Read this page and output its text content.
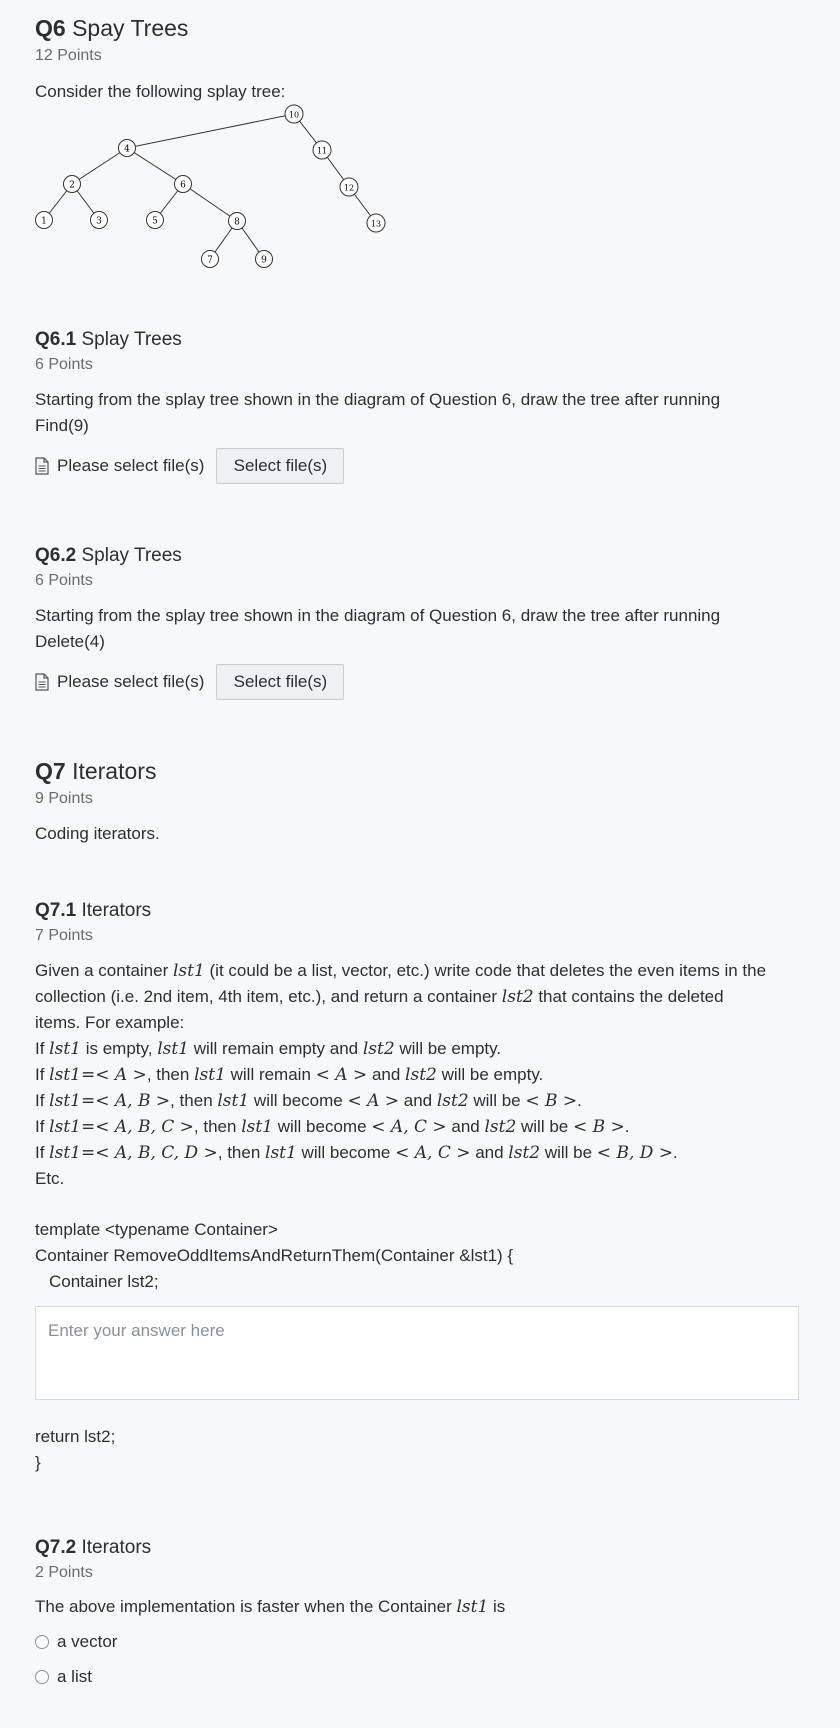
Q6 Spay Trees
12 Points
Consider the following splay tree:
1
2
3
4
5
6
7
8
9
10
11
12
13
Q6.1 Splay Trees
6 Points
Starting from the splay tree shown in the diagram of Question 6, draw the tree after running
Find(9)
Please select file(s)	Select file(s)
Q6.2 Splay Trees
6 Points
Starting from the splay tree shown in the diagram of Question 6, draw the tree after running
Delete(4)
Please select file(s)	Select file(s)
Q7 Iterators
9 Points
Coding iterators.
Q7.1 Iterators
7 Points
Given a container lst1 (it could be a list, vector, etc.) write code that deletes the even items in the
collection (i.e. 2nd item, 4th item, etc.), and return a container lst2 that contains the deleted
items. For example:
If lst1 is empty, lst1 will remain empty and lst2 will be empty.
If lst1=< A >, then lst1 will remain < A > and lst2 will be empty.
If lst1=< A, B >, then lst1 will become < A > and lst2 will be < B >.
If lst1=< A, B, C >, then lst1 will become < A, C > and lst2 will be < B >.
If lst1=< A, B, C, D >, then lst1 will become < A, C > and lst2 will be < B, D >.
Etc.
template <typename Container>
Container RemoveOddItemsAndReturnThem(Container &lst1) {
Container lst2;
Enter your answer here
return lst2;
}
Q7.2 Iterators
2 Points
The above implementation is faster when the Container lst1 is
a vector
a list
